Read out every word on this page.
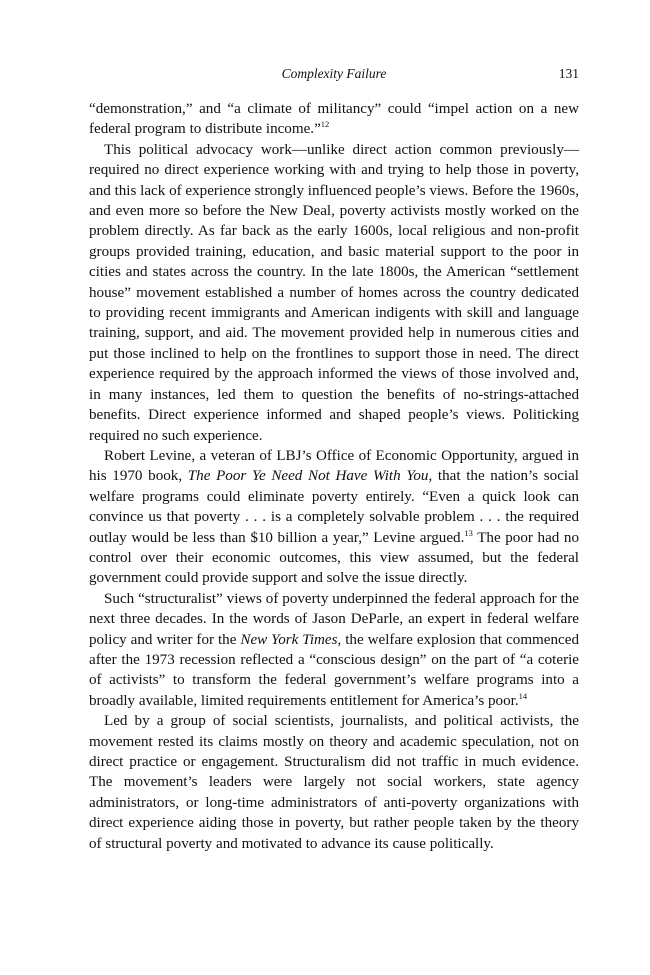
Complexity Failure	131

“demonstration,” and “a climate of militancy” could “impel action on a new federal program to distribute income.”$^{12}$

This political advocacy work—unlike direct action common previously—required no direct experience working with and trying to help those in poverty, and this lack of experience strongly influenced people’s views. Before the 1960s, and even more so before the New Deal, poverty activists mostly worked on the problem directly. As far back as the early 1600s, local religious and non-profit groups provided training, education, and basic material support to the poor in cities and states across the country. In the late 1800s, the American “settlement house” movement established a number of homes across the country dedicated to providing recent immigrants and American indigents with skill and language training, support, and aid. The movement provided help in numerous cities and put those inclined to help on the frontlines to support those in need. The direct experience required by the approach informed the views of those involved and, in many instances, led them to question the benefits of no-strings-attached benefits. Direct experience informed and shaped people’s views. Politicking required no such experience.

Robert Levine, a veteran of LBJ’s Office of Economic Opportunity, argued in his 1970 book, The Poor Ye Need Not Have With You, that the nation’s social welfare programs could eliminate poverty entirely. “Even a quick look can convince us that poverty . . . is a completely solvable problem . . . the required outlay would be less than $10 billion a year,” Levine argued.$^{13}$ The poor had no control over their economic outcomes, this view assumed, but the federal government could provide support and solve the issue directly.

Such “structuralist” views of poverty underpinned the federal approach for the next three decades. In the words of Jason DeParle, an expert in federal welfare policy and writer for the New York Times, the welfare explosion that commenced after the 1973 recession reflected a “conscious design” on the part of “a coterie of activists” to transform the federal government’s welfare programs into a broadly available, limited requirements entitlement for America’s poor.$^{14}$

Led by a group of social scientists, journalists, and political activists, the movement rested its claims mostly on theory and academic speculation, not on direct practice or engagement. Structuralism did not traffic in much evidence. The movement’s leaders were largely not social workers, state agency administrators, or long-time administrators of anti-poverty organizations with direct experience aiding those in poverty, but rather people taken by the theory of structural poverty and motivated to advance its cause politically.
